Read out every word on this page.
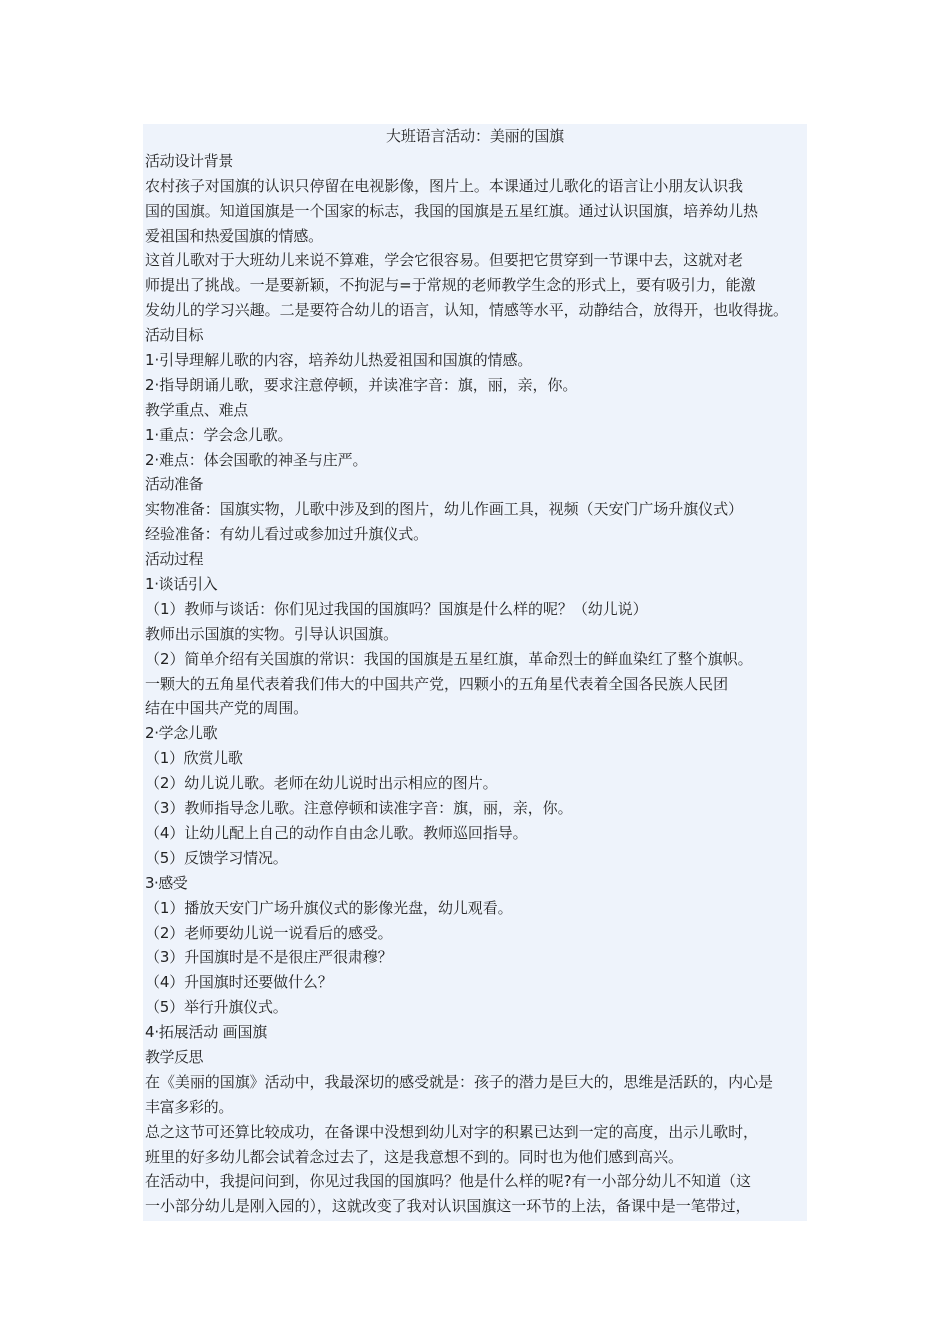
大班语言活动：美丽的国旗
活动设计背景
农村孩子对国旗的认识只停留在电视影像，图片上。本课通过儿歌化的语言让小朋友认识我
国的国旗。知道国旗是一个国家的标志，我国的国旗是五星红旗。通过认识国旗，培养幼儿热
爱祖国和热爱国旗的情感。
这首儿歌对于大班幼儿来说不算难，学会它很容易。但要把它贯穿到一节课中去，这就对老
师提出了挑战。一是要新颖，不拘泥与=于常规的老师教学生念的形式上，要有吸引力，能激
发幼儿的学习兴趣。二是要符合幼儿的语言，认知，情感等水平，动静结合，放得开，也收得拢。
活动目标
1·引导理解儿歌的内容，培养幼儿热爱祖国和国旗的情感。
2·指导朗诵儿歌，要求注意停顿，并读准字音：旗，丽，亲，你。
教学重点、难点
1·重点：学会念儿歌。
2·难点：体会国歌的神圣与庄严。
活动准备
实物准备：国旗实物，儿歌中涉及到的图片，幼儿作画工具，视频（天安门广场升旗仪式）
经验准备：有幼儿看过或参加过升旗仪式。
活动过程
1·谈话引入
（1）教师与谈话：你们见过我国的国旗吗？国旗是什么样的呢？（幼儿说）
教师出示国旗的实物。引导认识国旗。
（2）简单介绍有关国旗的常识：我国的国旗是五星红旗，革命烈士的鲜血染红了整个旗帜。
一颗大的五角星代表着我们伟大的中国共产党，四颗小的五角星代表着全国各民族人民团
结在中国共产党的周围。
2·学念儿歌
（1）欣赏儿歌
（2）幼儿说儿歌。老师在幼儿说时出示相应的图片。
（3）教师指导念儿歌。注意停顿和读准字音：旗，丽，亲，你。
（4）让幼儿配上自己的动作自由念儿歌。教师巡回指导。
（5）反馈学习情况。
3·感受
（1）播放天安门广场升旗仪式的影像光盘，幼儿观看。
（2）老师要幼儿说一说看后的感受。
（3）升国旗时是不是很庄严很肃穆？
（4）升国旗时还要做什么？
（5）举行升旗仪式。
4·拓展活动 画国旗
教学反思
在《美丽的国旗》活动中，我最深切的感受就是：孩子的潜力是巨大的，思维是活跃的，内心是
丰富多彩的。
总之这节可还算比较成功，在备课中没想到幼儿对字的积累已达到一定的高度，出示儿歌时，
班里的好多幼儿都会试着念过去了，这是我意想不到的。同时也为他们感到高兴。
在活动中，我提问问到，你见过我国的国旗吗？他是什么样的呢?有一小部分幼儿不知道（这
一小部分幼儿是刚入园的），这就改变了我对认识国旗这一环节的上法，备课中是一笔带过，
